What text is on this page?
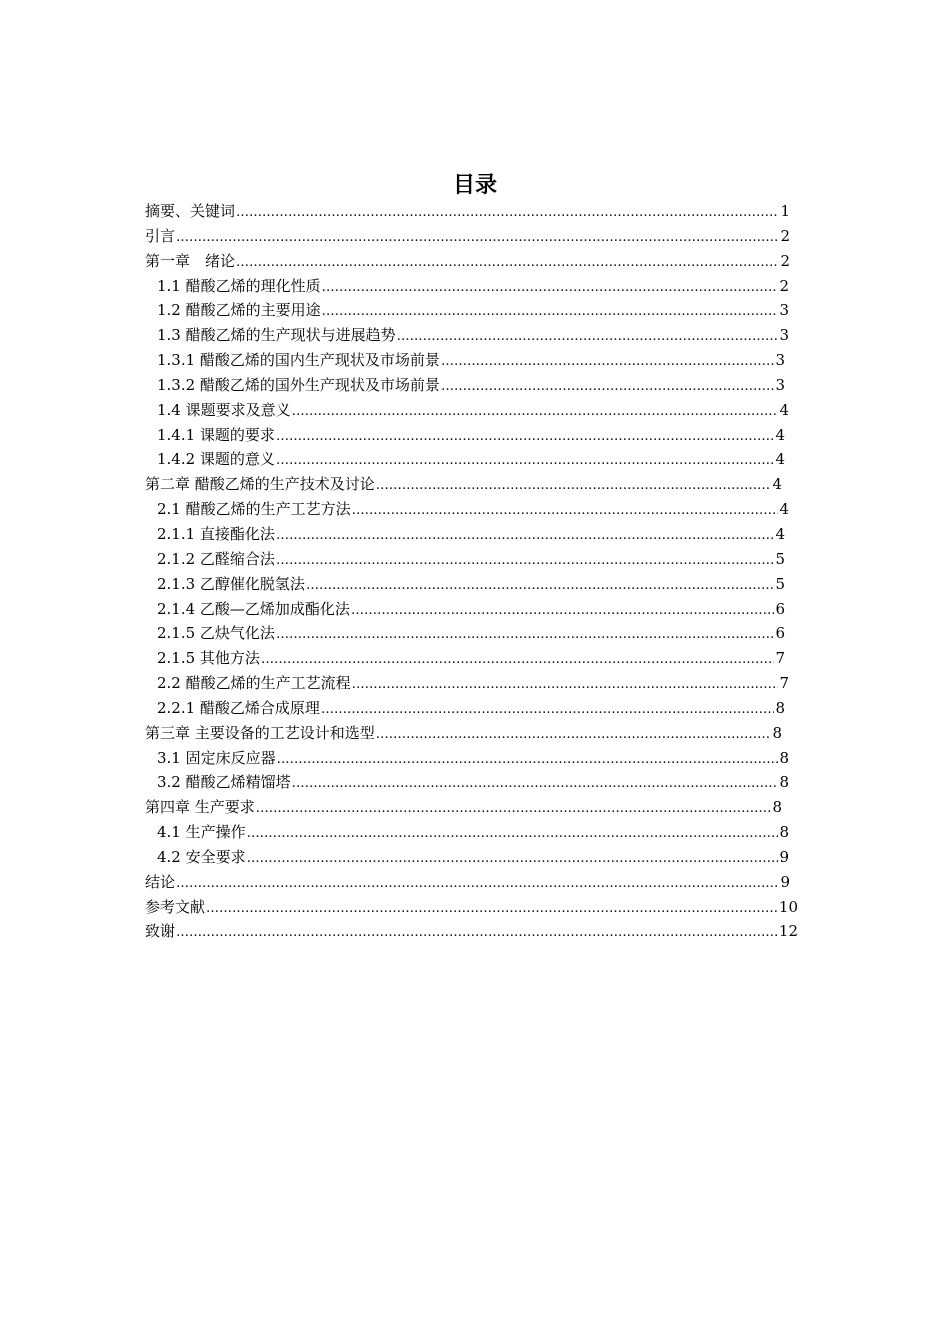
目录
摘要、关键词 ……………………………………………………………………………………………………………………………………………………………………………………………………………………………………	1
引言 ……………………………………………………………………………………………………………………………………………………………………………………………………………………………………	2
第一章　绪论 ……………………………………………………………………………………………………………………………………………………………………………………………………………………………………	2
1.1 醋酸乙烯的理化性质 ……………………………………………………………………………………………………………………………………………………………………………………………………………………………………	2
1.2 醋酸乙烯的主要用途 ……………………………………………………………………………………………………………………………………………………………………………………………………………………………………	3
1.3 醋酸乙烯的生产现状与进展趋势 ……………………………………………………………………………………………………………………………………………………………………………………………………………………………………	3
1.3.1 醋酸乙烯的国内生产现状及市场前景 ……………………………………………………………………………………………………………………………………………………………………………………………………………………………………	3
1.3.2 醋酸乙烯的国外生产现状及市场前景 ……………………………………………………………………………………………………………………………………………………………………………………………………………………………………	3
1.4 课题要求及意义 ……………………………………………………………………………………………………………………………………………………………………………………………………………………………………	4
1.4.1 课题的要求 ……………………………………………………………………………………………………………………………………………………………………………………………………………………………………	4
1.4.2 课题的意义 ……………………………………………………………………………………………………………………………………………………………………………………………………………………………………	4
第二章 醋酸乙烯的生产技术及讨论 ……………………………………………………………………………………………………………………………………………………………………………………………………………………………………	4
2.1 醋酸乙烯的生产工艺方法 ……………………………………………………………………………………………………………………………………………………………………………………………………………………………………	4
2.1.1 直接酯化法 ……………………………………………………………………………………………………………………………………………………………………………………………………………………………………	4
2.1.2 乙醛缩合法 ……………………………………………………………………………………………………………………………………………………………………………………………………………………………………	5
2.1.3 乙醇催化脱氢法 ……………………………………………………………………………………………………………………………………………………………………………………………………………………………………	5
2.1.4 乙酸—乙烯加成酯化法 ……………………………………………………………………………………………………………………………………………………………………………………………………………………………………	6
2.1.5 乙炔气化法 ……………………………………………………………………………………………………………………………………………………………………………………………………………………………………	6
2.1.5 其他方法 ……………………………………………………………………………………………………………………………………………………………………………………………………………………………………	7
2.2 醋酸乙烯的生产工艺流程 ……………………………………………………………………………………………………………………………………………………………………………………………………………………………………	7
2.2.1 醋酸乙烯合成原理 ……………………………………………………………………………………………………………………………………………………………………………………………………………………………………	8
第三章 主要设备的工艺设计和选型 ……………………………………………………………………………………………………………………………………………………………………………………………………………………………………	8
3.1 固定床反应器 ……………………………………………………………………………………………………………………………………………………………………………………………………………………………………	8
3.2 醋酸乙烯精馏塔 ……………………………………………………………………………………………………………………………………………………………………………………………………………………………………	8
第四章 生产要求 ……………………………………………………………………………………………………………………………………………………………………………………………………………………………………	8
4.1 生产操作 ……………………………………………………………………………………………………………………………………………………………………………………………………………………………………	8
4.2 安全要求 ……………………………………………………………………………………………………………………………………………………………………………………………………………………………………	9
结论 ……………………………………………………………………………………………………………………………………………………………………………………………………………………………………	9
参考文献 ……………………………………………………………………………………………………………………………………………………………………………………………………………………………………	10
致谢 ……………………………………………………………………………………………………………………………………………………………………………………………………………………………………	12
